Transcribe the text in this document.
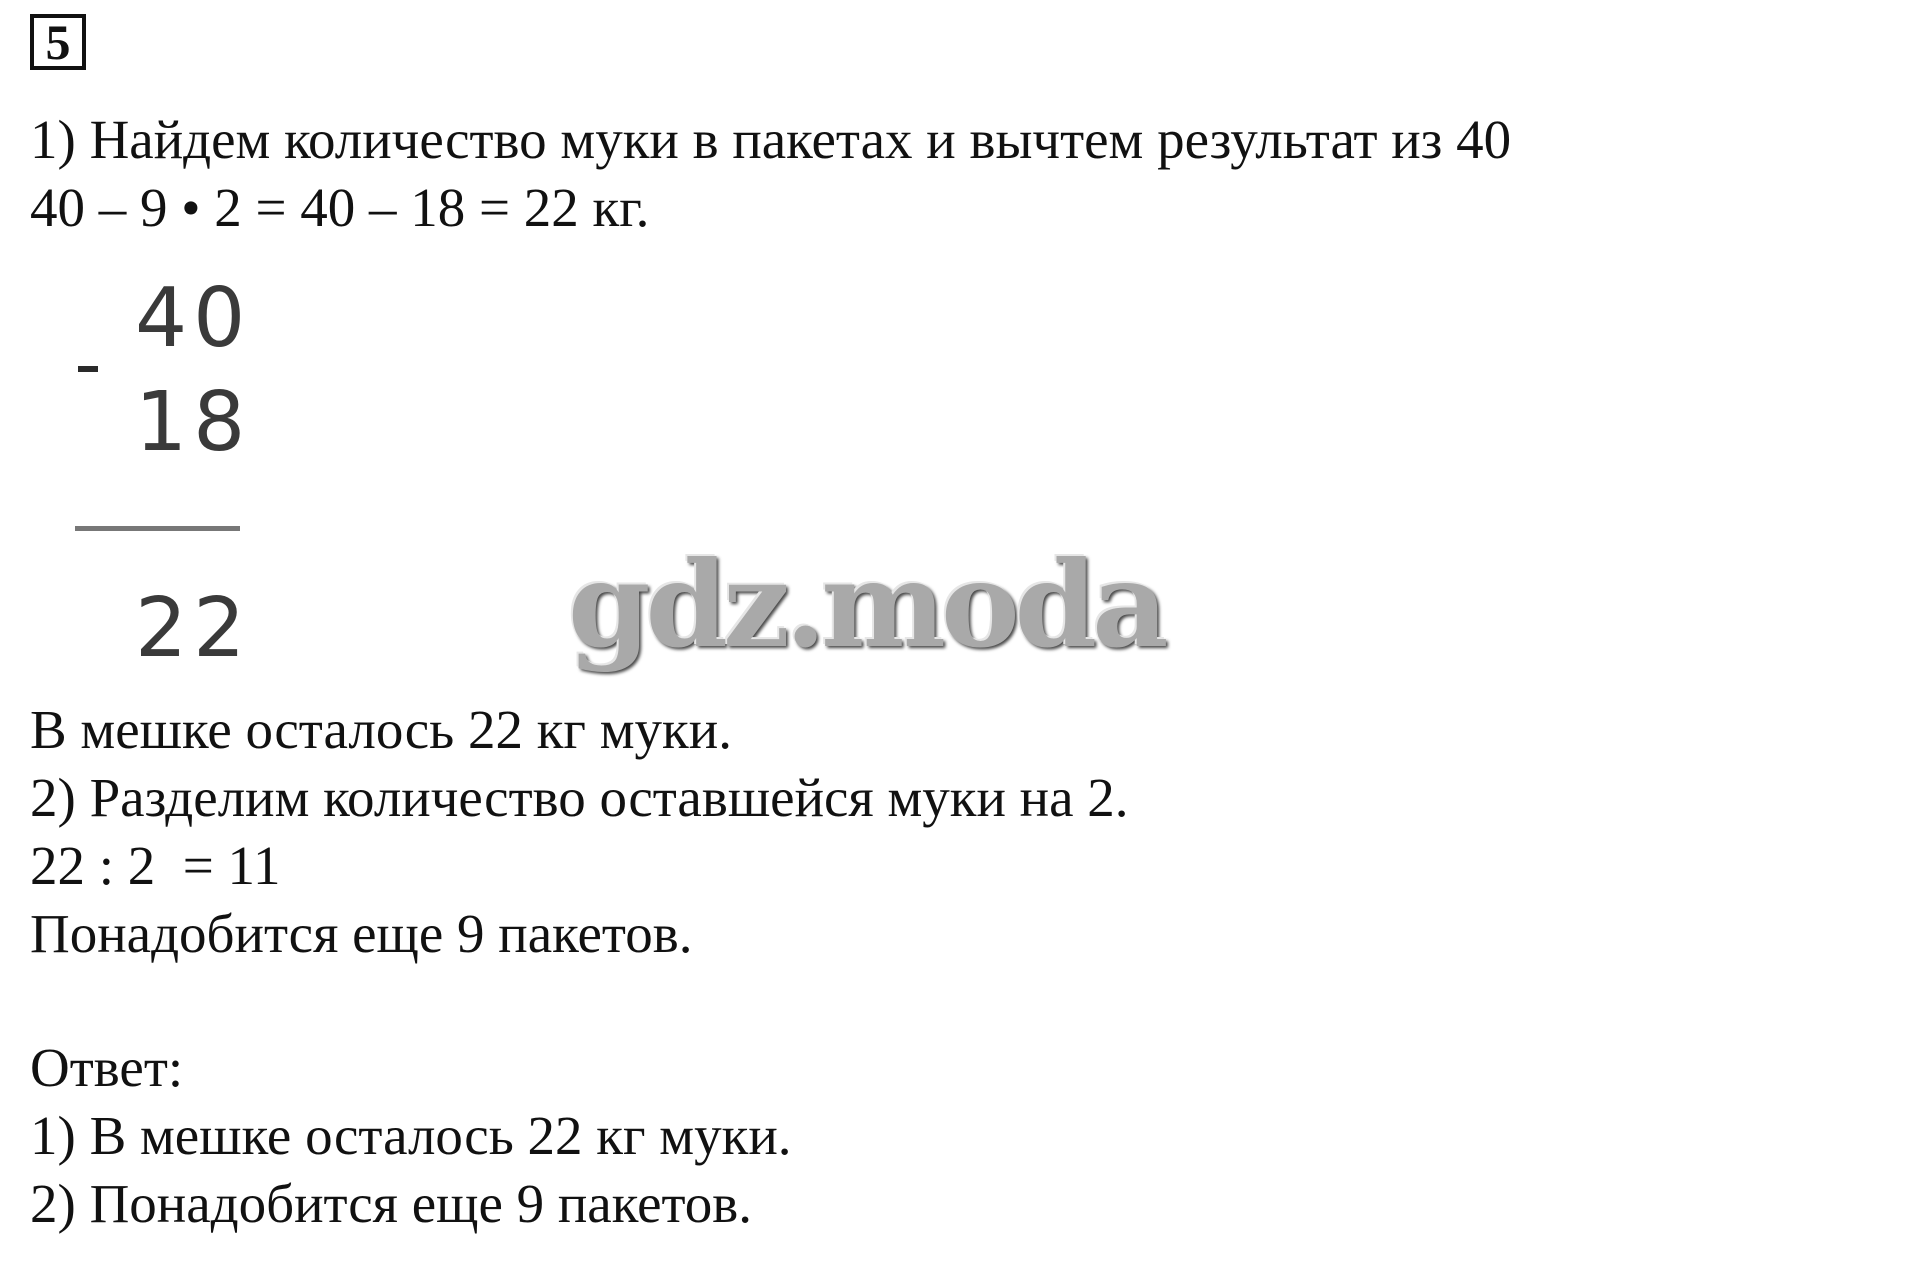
5
1) Найдем количество муки в пакетах и вычтем результат из 40
40 – 9 • 2 = 40 – 18 = 22 кг.
40
18
22	gdz.moda
В мешке осталось 22 кг муки.
2) Разделим количество оставшейся муки на 2.
22 : 2  = 11
Понадобится еще 9 пакетов.
Ответ:
1) В мешке осталось 22 кг муки.
2) Понадобится еще 9 пакетов.
